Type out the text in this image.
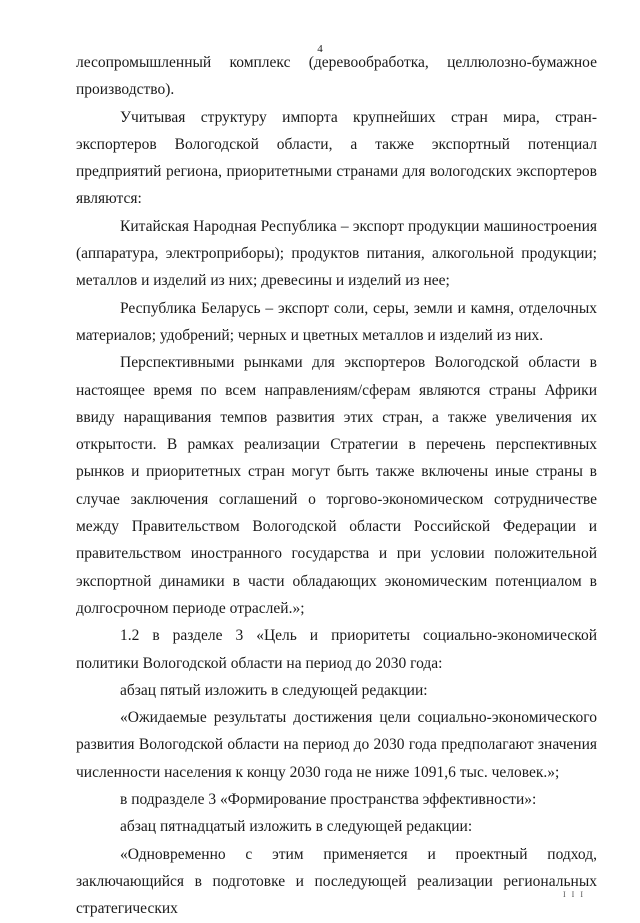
4

лесопромышленный комплекс (деревообработка, целлюлозно-бумажное производство).

Учитывая структуру импорта крупнейших стран мира, стран-экспортеров Вологодской области, а также экспортный потенциал предприятий региона, приоритетными странами для вологодских экспортеров являются:

Китайская Народная Республика – экспорт продукции машиностроения (аппаратура, электроприборы); продуктов питания, алкогольной продукции; металлов и изделий из них; древесины и изделий из нее;

Республика Беларусь – экспорт соли, серы, земли и камня, отделочных материалов; удобрений; черных и цветных металлов и изделий из них.

Перспективными рынками для экспортеров Вологодской области в настоящее время по всем направлениям/сферам являются страны Африки ввиду наращивания темпов развития этих стран, а также увеличения их открытости. В рамках реализации Стратегии в перечень перспективных рынков и приоритетных стран могут быть также включены иные страны в случае заключения соглашений о торгово-экономическом сотрудничестве между Правительством Вологодской области Российской Федерации и правительством иностранного государства и при условии положительной экспортной динамики в части обладающих экономическим потенциалом в долгосрочном периоде отраслей.»;

1.2 в разделе 3 «Цель и приоритеты социально-экономической политики Вологодской области на период до 2030 года:

абзац пятый изложить в следующей редакции:

«Ожидаемые результаты достижения цели социально-экономического развития Вологодской области на период до 2030 года предполагают значения численности населения к концу 2030 года не ниже 1091,6 тыс. человек.»;

в подразделе 3 «Формирование пространства эффективности»:

абзац пятнадцатый изложить в следующей редакции:

«Одновременно с этим применяется и проектный подход, заключающийся в подготовке и последующей реализации региональных стратегических

I I I
